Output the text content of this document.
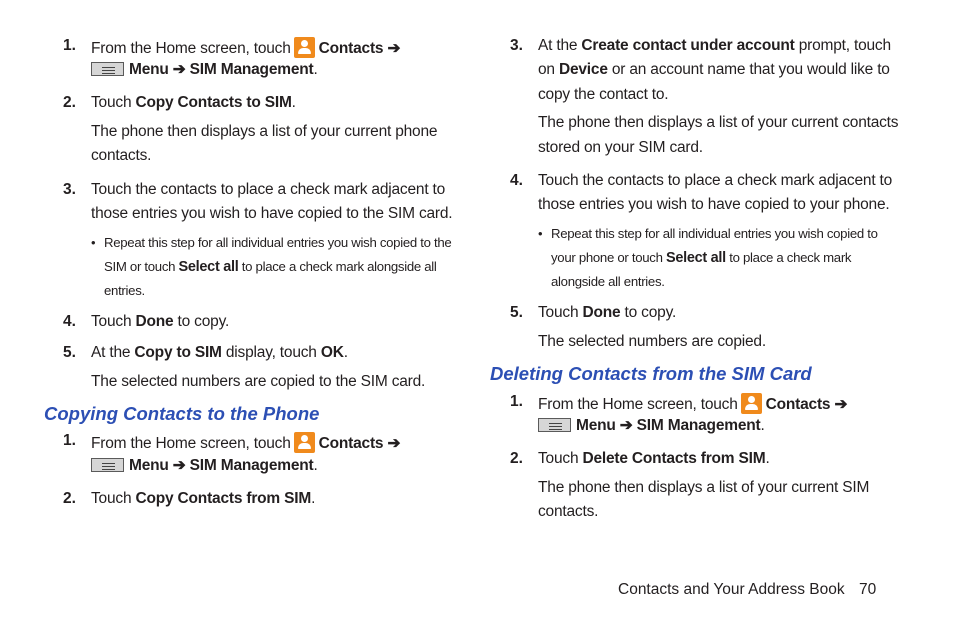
1. From the Home screen, touch Contacts ➔
Menu ➔ SIM Management.
2. Touch Copy Contacts to SIM.
The phone then displays a list of your current phone
contacts.
3. Touch the contacts to place a check mark adjacent to
those entries you wish to have copied to the SIM card.
• Repeat this step for all individual entries you wish copied to the
SIM or touch Select all to place a check mark alongside all
entries.
4. Touch Done to copy.
5. At the Copy to SIM display, touch OK.
The selected numbers are copied to the SIM card.
Copying Contacts to the Phone
1. From the Home screen, touch Contacts ➔
Menu ➔ SIM Management.
2. Touch Copy Contacts from SIM.
3. At the Create contact under account prompt, touch
on Device or an account name that you would like to
copy the contact to.
The phone then displays a list of your current contacts
stored on your SIM card.
4. Touch the contacts to place a check mark adjacent to
those entries you wish to have copied to your phone.
• Repeat this step for all individual entries you wish copied to
your phone or touch Select all to place a check mark
alongside all entries.
5. Touch Done to copy.
The selected numbers are copied.
Deleting Contacts from the SIM Card
1. From the Home screen, touch Contacts ➔
Menu ➔ SIM Management.
2. Touch Delete Contacts from SIM.
The phone then displays a list of your current SIM
contacts.
Contacts and Your Address Book 70
